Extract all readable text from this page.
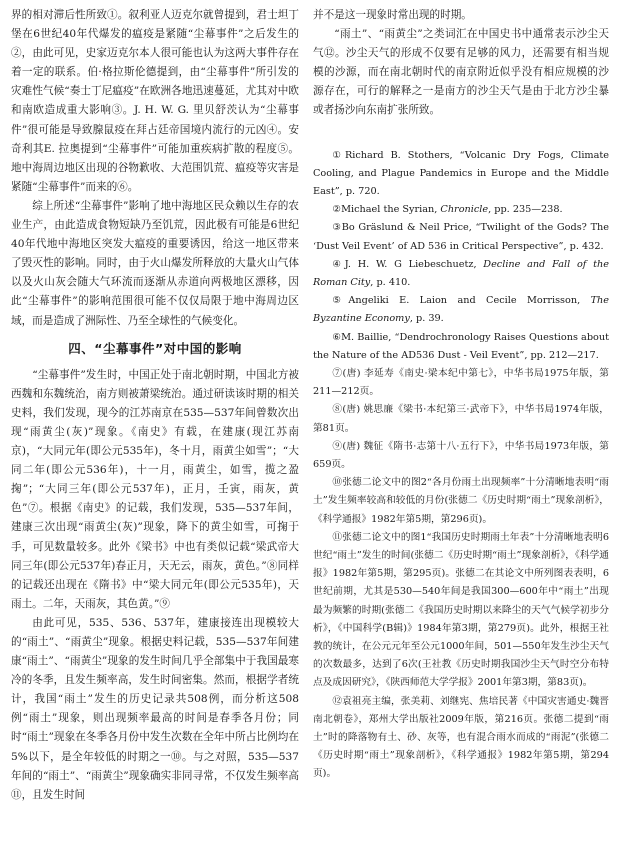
界的相对滞后性所致①。叙利亚人迈克尔就曾提到，君士坦丁堡在6世纪40年代爆发的瘟疫是紧随“尘幕事件”之后发生的②，由此可见，史家迈克尔本人很可能也认为这两大事件存在着一定的联系。伯·格拉斯伦德提到，由“尘幕事件”所引发的灾难性气候“奏士丁尼瘟疫”在欧洲各地迅速蔓延，尤其对中欧和南欧造成重大影响③。J. H. W. G. 里贝舒茨认为“尘幕事件”很可能是导致腺鼠疫在拜占廷帝国境内流行的元凶④。安奇利其E. 拉奥提到“尘幕事件”可能加重疾病扩散的程度⑤。地中海周边地区出现的谷物歉收、大范围饥荒、瘟疫等灾害是紧随“尘幕事件”而来的⑥。

综上所述“尘幕事件”影响了地中海地区民众赖以生存的农业生产，由此造成食物短缺乃至饥荒，因此极有可能是6世纪40年代地中海地区突发大瘟疫的重要诱因，给这一地区带来了毁灭性的影响。同时，由于火山爆发所释放的大量火山气体以及火山灰会随大气环流而逐渐从赤道向两极地区漂移，因此“尘幕事件”的影响范围很可能不仅仅局限于地中海周边区域，而是造成了洲际性、乃至全球性的气候变化。

四、“尘幕事件”对中国的影响

“尘幕事件”发生时，中国正处于南北朝时期，中国北方被西魏和东魏统治，南方则被萧梁统治。通过研读该时期的相关史料，我们发现，现今的江苏南京在535—537年间曾数次出现“雨黄尘(灰)”现象。《南史》有载，在建康(现江苏南京)，“大同元年(即公元535年)，冬十月，雨黄尘如雪”；“大同二年(即公元536年)，十一月，雨黄尘，如雪，揽之盈掬”；“大同三年(即公元537年)，正月，壬寅，雨灰，黄色”⑦。根据《南史》的记载，我们发现，535—537年间，建康三次出现“雨黄尘(灰)”现象，降下的黄尘如雪，可掬于手，可见数量较多。此外《梁书》中也有类似记载“梁武帝大同三年(即公元537年)春正月，天无云，雨灰，黄色。”⑧同样的记载还出现在《隋书》中“梁大同元年(即公元535年)，天雨土。二年，天雨灰，其色黄。”⑨

由此可见，535、536、537年，建康接连出现模较大的“雨土”、“雨黄尘”现象。根据史料记载，535—537年间建康“雨土”、“雨黄尘”现象的发生时间几乎全部集中于我国最寒冷的冬季，且发生频率高，发生时间密集。然而，根据学者统计，我国“雨土”发生的历史记录共508例，而分析这508例“雨土”现象，则出现频率最高的时间是春季各月份；同时“雨土”现象在冬季各月份中发生次数在全年中所占比例均在5%以下，是全年较低的时期之一⑩。与之对照，535—537年间的“雨土”、“雨黄尘”现象确实非同寻常，不仅发生频率高⑪，且发生时间

并不是这一现象时常出现的时期。

“雨土”、“雨黄尘”之类词汇在中国史书中通常表示沙尘天气⑫。沙尘天气的形成不仅要有足够的风力，还需要有相当规模的沙源，而在南北朝时代的南京附近似乎没有相应规模的沙源存在，可行的解释之一是南方的沙尘天气是由于北方沙尘暴或者扬沙向东南扩张所致。

①Richard B. Stothers, “Volcanic Dry Fogs, Climate Cooling, and Plague Pandemics in Europe and the Middle East”, p. 720.

②Michael the Syrian, Chronicle, pp. 235—238.

③Bo Gräslund & Neil Price, “Twilight of the Gods? The ‘Dust Veil Event’ of AD 536 in Critical Perspective”, p. 432.

④J. H. W. G Liebeschuetz, Decline and Fall of the Roman City, p. 410.

⑤Angeliki E. Laion and Cecile Morrisson, The Byzantine Economy, p. 39.

⑥M. Baillie, “Dendrochronology Raises Questions about the Nature of the AD536 Dust - Veil Event”, pp. 212—217.

⑦(唐) 李延寿《南史·梁本纪中第七》，中华书局1975年版，第211—212页。

⑧(唐) 姚思廉《梁书·本纪第三·武帝下》，中华书局1974年版，第81页。

⑨(唐) 魏征《隋书·志第十八·五行下》，中华书局1973年版，第659页。

⑩张德二论文中的图2“各月份雨土出现频率”十分清晰地表明“雨土”发生频率较高和较低的月份(张德二《历史时期“雨土”现象剖析》，《科学通报》1982年第5期，第296页)。

⑪张德二论文中的图1“我国历史时期雨土年表”十分清晰地表明6世纪“雨土”发生的时间(张德二《历史时期“雨土”现象剖析》，《科学通报》1982年第5期，第295页)。张德二在其论文中所列图表表明，6世纪前期，尤其是530—540年间是我国300—600年中“雨土”出现最为频繁的时期(张德二《我国历史时期以来降尘的天气气候学初步分析》，《中国科学(B辑)》1984年第3期，第279页)。此外，根据王社教的统计，在公元元年至公元1000年间，501—550年发生沙尘天气的次数最多，达到了6次(王社教《历史时期我国沙尘天气时空分布特点及成因研究》，《陕西师范大学学报》2001年第3期，第83页)。

⑫袁祖亮主编，张美莉、刘继宪、焦培民著《中国灾害通史·魏晋南北朝卷》，郑州大学出版社2009年版，第216页。张德二提到“雨土”时的降落物有土、砂、灰等，也有混合雨水而成的“雨泥”(张德二《历史时期“雨土”现象剖析》，《科学通报》1982年第5期，第294页)。
